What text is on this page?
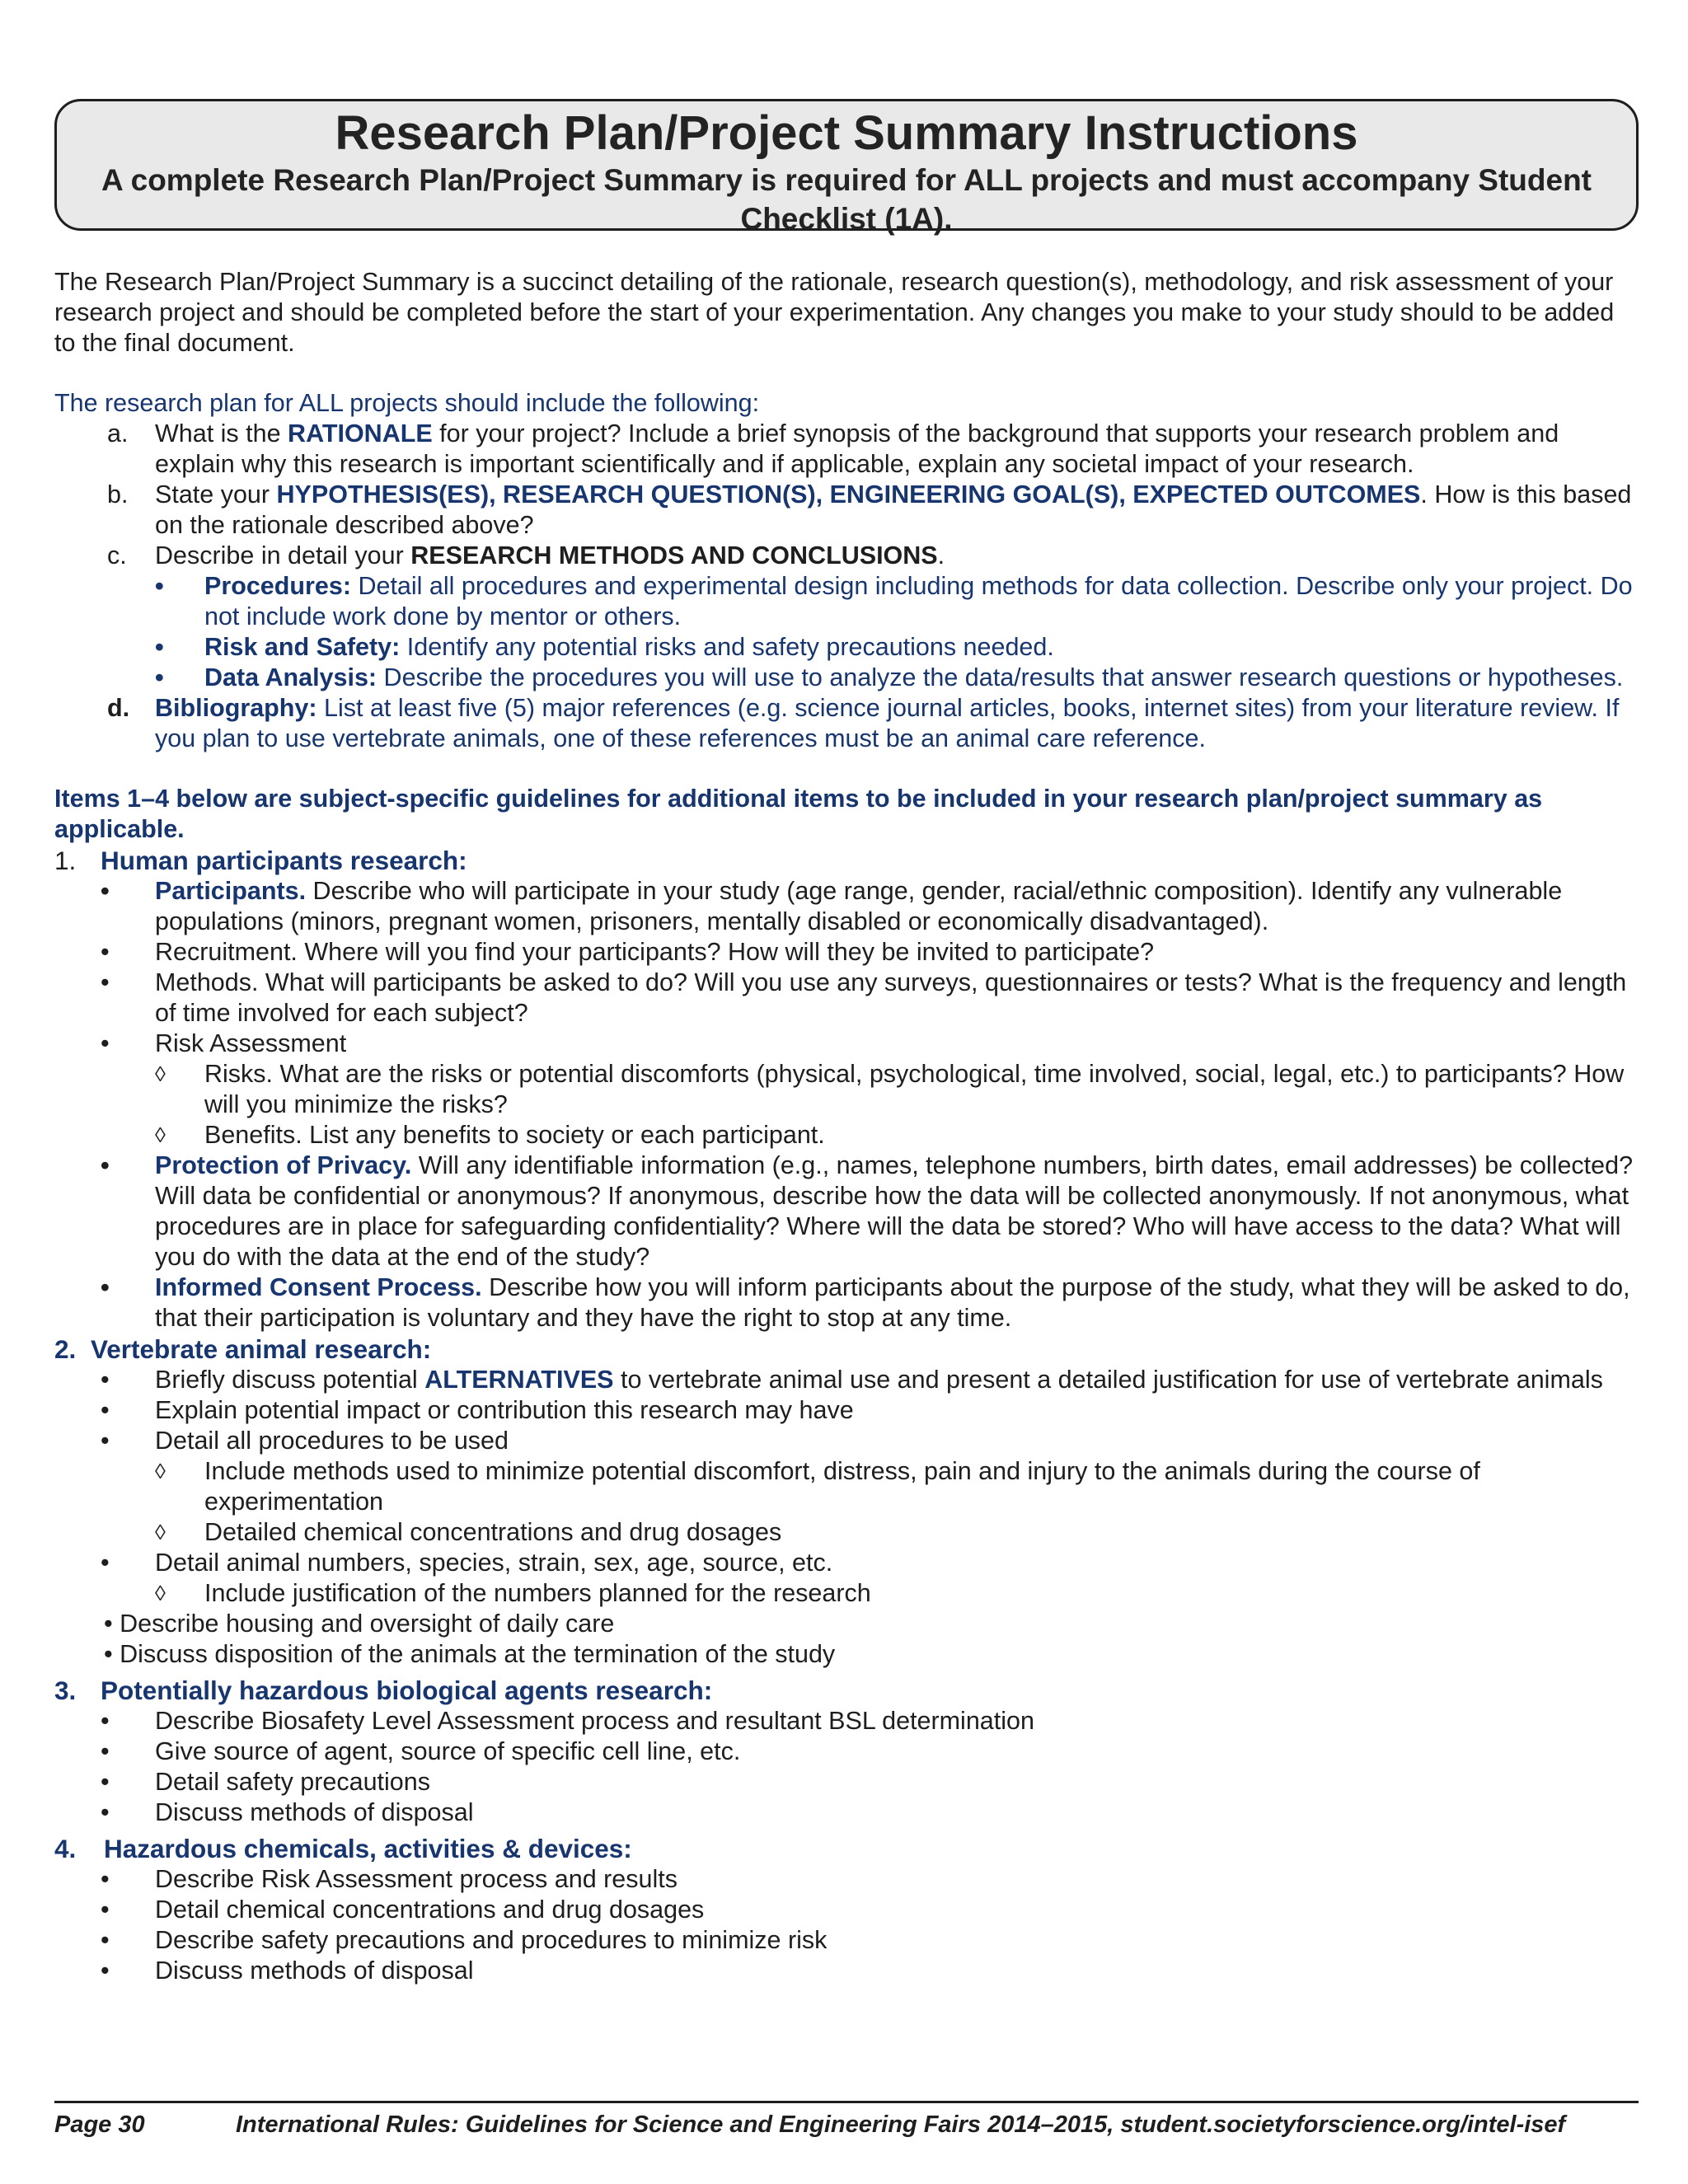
Research Plan/Project Summary Instructions
A complete Research Plan/Project Summary is required for ALL projects and must accompany Student Checklist (1A).
The Research Plan/Project Summary is a succinct detailing of the rationale, research question(s), methodology, and risk assessment of your research project and should be completed before the start of your experimentation. Any changes you make to your study should to be added to the final document.
The research plan for ALL projects should include the following:
a. What is the RATIONALE for your project? Include a brief synopsis of the background that supports your research problem and explain why this research is important scientifically and if applicable, explain any societal impact of your research.
b. State your HYPOTHESIS(ES), RESEARCH QUESTION(S), ENGINEERING GOAL(S), EXPECTED OUTCOMES. How is this based on the rationale described above?
c. Describe in detail your RESEARCH METHODS AND CONCLUSIONS.
• Procedures: Detail all procedures and experimental design including methods for data collection. Describe only your project. Do not include work done by mentor or others.
• Risk and Safety: Identify any potential risks and safety precautions needed.
• Data Analysis: Describe the procedures you will use to analyze the data/results that answer research questions or hypotheses.
d. Bibliography: List at least five (5) major references (e.g. science journal articles, books, internet sites) from your literature review. If you plan to use vertebrate animals, one of these references must be an animal care reference.
Items 1–4 below are subject-specific guidelines for additional items to be included in your research plan/project summary as applicable.
1. Human participants research:
• Participants. Describe who will participate in your study (age range, gender, racial/ethnic composition). Identify any vulnerable populations (minors, pregnant women, prisoners, mentally disabled or economically disadvantaged).
• Recruitment. Where will you find your participants? How will they be invited to participate?
• Methods. What will participants be asked to do? Will you use any surveys, questionnaires or tests? What is the frequency and length of time involved for each subject?
• Risk Assessment
◊ Risks. What are the risks or potential discomforts (physical, psychological, time involved, social, legal, etc.) to participants? How will you minimize the risks?
◊ Benefits. List any benefits to society or each participant.
• Protection of Privacy. Will any identifiable information (e.g., names, telephone numbers, birth dates, email addresses) be collected? Will data be confidential or anonymous? If anonymous, describe how the data will be collected anonymously. If not anonymous, what procedures are in place for safeguarding confidentiality? Where will the data be stored? Who will have access to the data? What will you do with the data at the end of the study?
• Informed Consent Process. Describe how you will inform participants about the purpose of the study, what they will be asked to do, that their participation is voluntary and they have the right to stop at any time.
2. Vertebrate animal research:
• Briefly discuss potential ALTERNATIVES to vertebrate animal use and present a detailed justification for use of vertebrate animals
• Explain potential impact or contribution this research may have
• Detail all procedures to be used
◊ Include methods used to minimize potential discomfort, distress, pain and injury to the animals during the course of experimentation
◊ Detailed chemical concentrations and drug dosages
• Detail animal numbers, species, strain, sex, age, source, etc.
◊ Include justification of the numbers planned for the research
• Describe housing and oversight of daily care
• Discuss disposition of the animals at the termination of the study
3. Potentially hazardous biological agents research:
• Describe Biosafety Level Assessment process and resultant BSL determination
• Give source of agent, source of specific cell line, etc.
• Detail safety precautions
• Discuss methods of disposal
4. Hazardous chemicals, activities & devices:
• Describe Risk Assessment process and results
• Detail chemical concentrations and drug dosages
• Describe safety precautions and procedures to minimize risk
• Discuss methods of disposal
Page 30	International Rules: Guidelines for Science and Engineering Fairs 2014–2015, student.societyforscience.org/intel-isef
